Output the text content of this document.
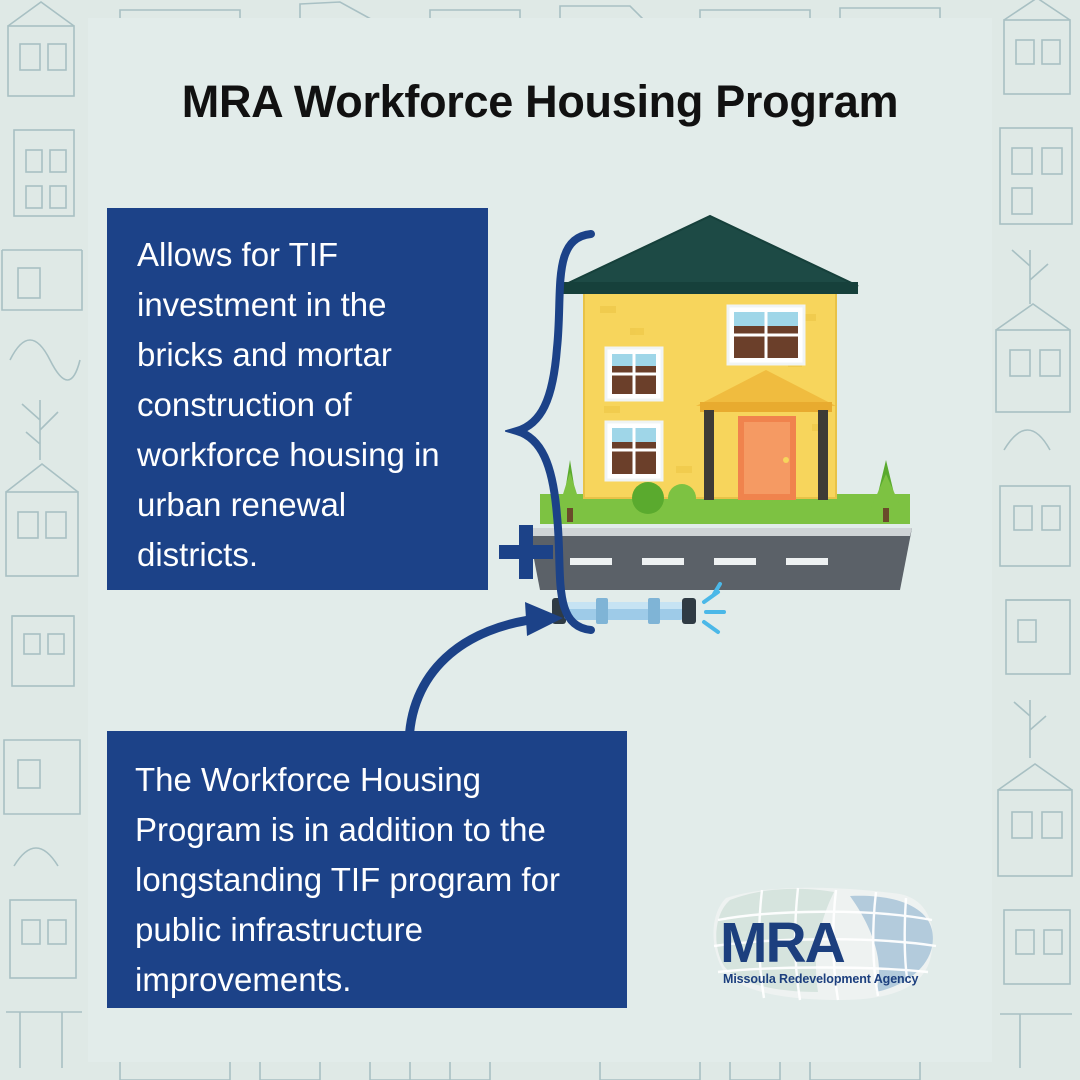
MRA Workforce Housing Program
Allows for TIF investment in the bricks and mortar construction of workforce housing in urban renewal districts.
The Workforce Housing Program is in addition to the longstanding TIF program for public infrastructure improvements.
MRA
Missoula Redevelopment Agency
